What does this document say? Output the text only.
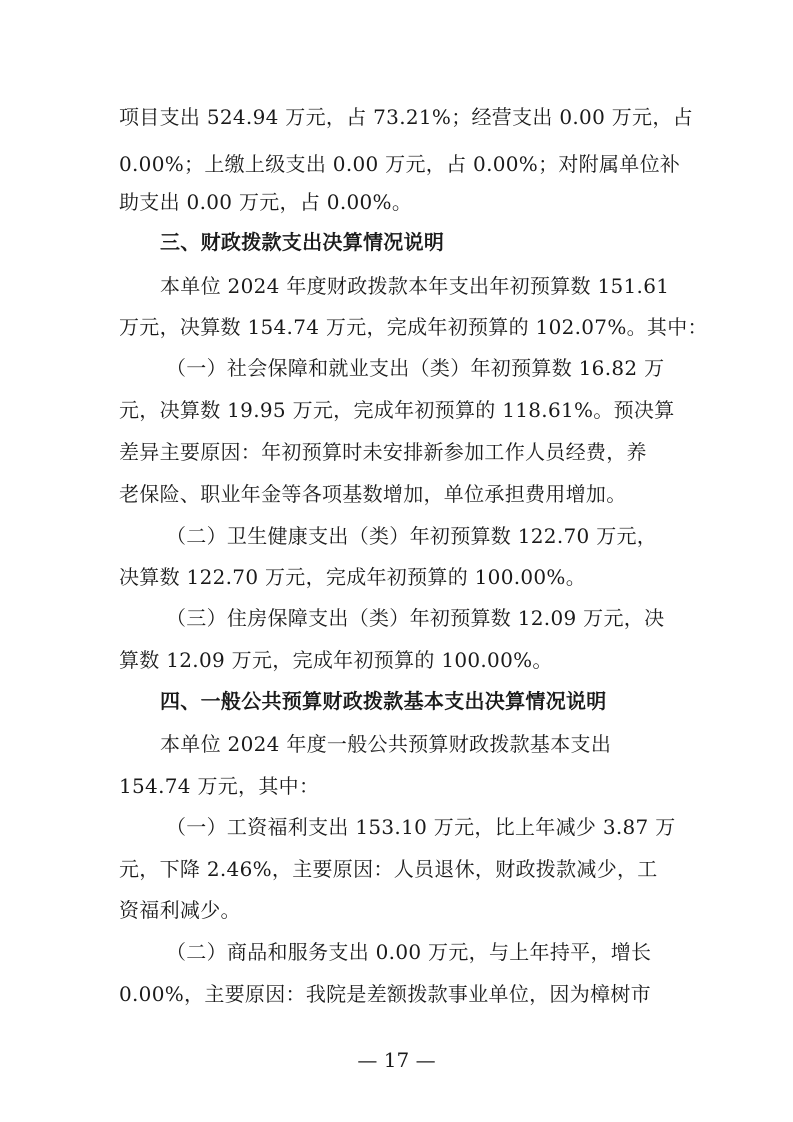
项目支出 524.94 万元，占 73.21%；经营支出 0.00 万元，占
0.00%；上缴上级支出 0.00 万元，占 0.00%；对附属单位补
助支出 0.00 万元，占 0.00%。
三、财政拨款支出决算情况说明
本单位 2024 年度财政拨款本年支出年初预算数 151.61
万元，决算数 154.74 万元，完成年初预算的 102.07%。其中：
（一）社会保障和就业支出（类）年初预算数 16.82 万
元，决算数 19.95 万元，完成年初预算的 118.61%。预决算
差异主要原因：年初预算时未安排新参加工作人员经费，养
老保险、职业年金等各项基数增加，单位承担费用增加。
（二）卫生健康支出（类）年初预算数 122.70 万元，
决算数 122.70 万元，完成年初预算的 100.00%。
（三）住房保障支出（类）年初预算数 12.09 万元，决
算数 12.09 万元，完成年初预算的 100.00%。
四、一般公共预算财政拨款基本支出决算情况说明
本单位 2024 年度一般公共预算财政拨款基本支出
154.74 万元，其中：
（一）工资福利支出 153.10 万元，比上年减少 3.87 万
元，下降 2.46%，主要原因：人员退休，财政拨款减少，工
资福利减少。
（二）商品和服务支出 0.00 万元，与上年持平，增长
0.00%，主要原因：我院是差额拨款事业单位，因为樟树市
— 17 —
